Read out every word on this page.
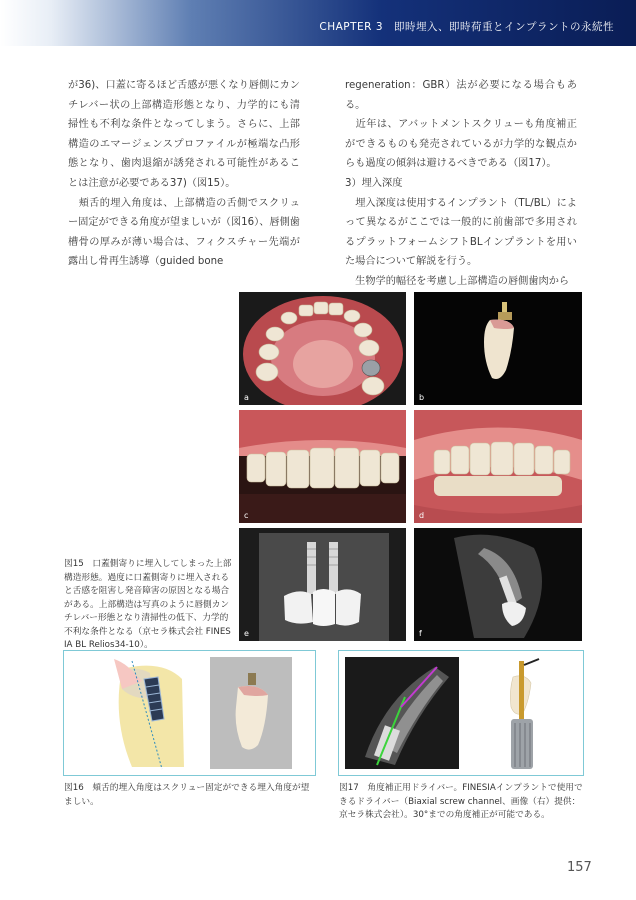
CHAPTER 3　即時埋入、即時荷重とインプラントの永続性

が36)、口蓋に寄るほど舌感が悪くなり唇側にカンチレバー状の上部構造形態となり、力学的にも清掃性も不利な条件となってしまう。さらに、上部構造のエマージェンスプロファイルが極端な凸形態となり、歯肉退縮が誘発される可能性があることは注意が必要である37)（図15）。

　頬舌的埋入角度は、上部構造の舌側でスクリュー固定ができる角度が望ましいが（図16）、唇側歯槽骨の厚みが薄い場合は、フィクスチャー先端が露出し骨再生誘導（guided bone

regeneration：GBR）法が必要になる場合もある。

　近年は、アバットメントスクリューも角度補正ができるものも発売されているが力学的な観点からも過度の傾斜は避けるべきである（図17）。

3）埋入深度

　埋入深度は使用するインプラント（TL/BL）によって異なるがここでは一般的に前歯部で多用されるプラットフォームシフトBLインプラントを用いた場合について解説を行う。

　生物学的幅径を考慮し上部構造の唇側歯肉から

a	b
c	d
e	f
図15　口蓋側寄りに埋入してしまった上部構造形態。過度に口蓋側寄りに埋入されると舌感を阻害し発音障害の原因となる場合がある。上部構造は写真のように唇側カンチレバー形態となり清掃性の低下、力学的不利な条件となる（京セラ株式会社 FINESIA BL Relios34-10）。
図16　頬舌的埋入角度はスクリュー固定ができる埋入角度が望ましい。
図17　角度補正用ドライバー。FINESIAインプラントで使用できるドライバー（Biaxial screw channel、画像（右）提供：京セラ株式会社）。30°までの角度補正が可能である。
157
